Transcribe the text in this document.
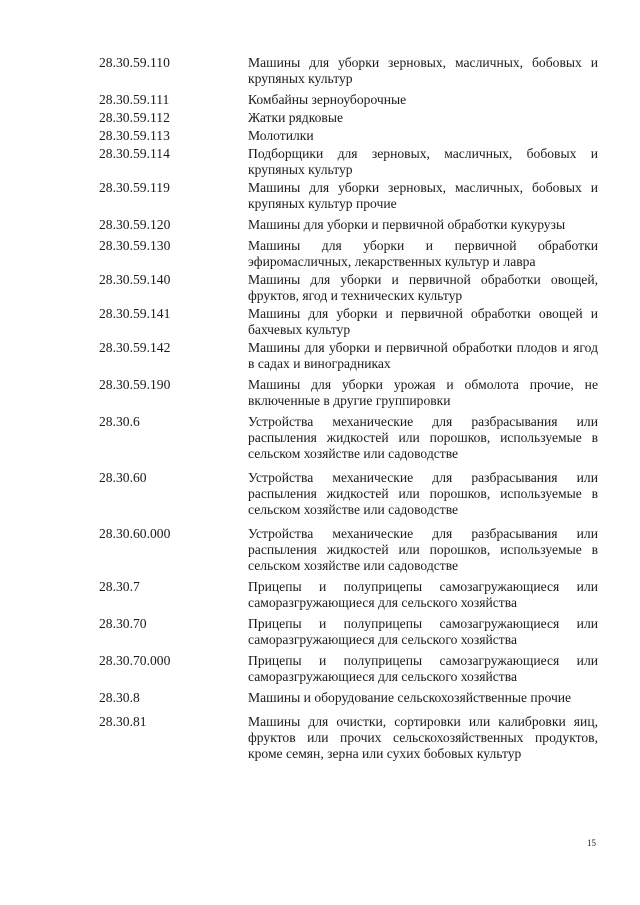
28.30.59.110	Машины для уборки зерновых, масличных, бобовых и крупяных культур
28.30.59.111	Комбайны зерноуборочные
28.30.59.112	Жатки рядковые
28.30.59.113	Молотилки
28.30.59.114	Подборщики для зерновых, масличных, бобовых и крупяных культур
28.30.59.119	Машины для уборки зерновых, масличных, бобовых и крупяных культур прочие
28.30.59.120	Машины для уборки и первичной обработки кукурузы
28.30.59.130	Машины для уборки и первичной обработки эфиромасличных, лекарственных культур и лавра
28.30.59.140	Машины для уборки и первичной обработки овощей, фруктов, ягод и технических культур
28.30.59.141	Машины для уборки и первичной обработки овощей и бахчевых культур
28.30.59.142	Машины для уборки и первичной обработки плодов и ягод в садах и виноградниках
28.30.59.190	Машины для уборки урожая и обмолота прочие, не включенные в другие группировки
28.30.6	Устройства механические для разбрасывания или распыления жидкостей или порошков, используемые в сельском хозяйстве или садоводстве
28.30.60	Устройства механические для разбрасывания или распыления жидкостей или порошков, используемые в сельском хозяйстве или садоводстве
28.30.60.000	Устройства механические для разбрасывания или распыления жидкостей или порошков, используемые в сельском хозяйстве или садоводстве
28.30.7	Прицепы и полуприцепы самозагружающиеся или саморазгружающиеся для сельского хозяйства
28.30.70	Прицепы и полуприцепы самозагружающиеся или саморазгружающиеся для сельского хозяйства
28.30.70.000	Прицепы и полуприцепы самозагружающиеся или саморазгружающиеся для сельского хозяйства
28.30.8	Машины и оборудование сельскохозяйственные прочие
28.30.81	Машины для очистки, сортировки или калибровки яиц, фруктов или прочих сельскохозяйственных продуктов, кроме семян, зерна или сухих бобовых культур
15
